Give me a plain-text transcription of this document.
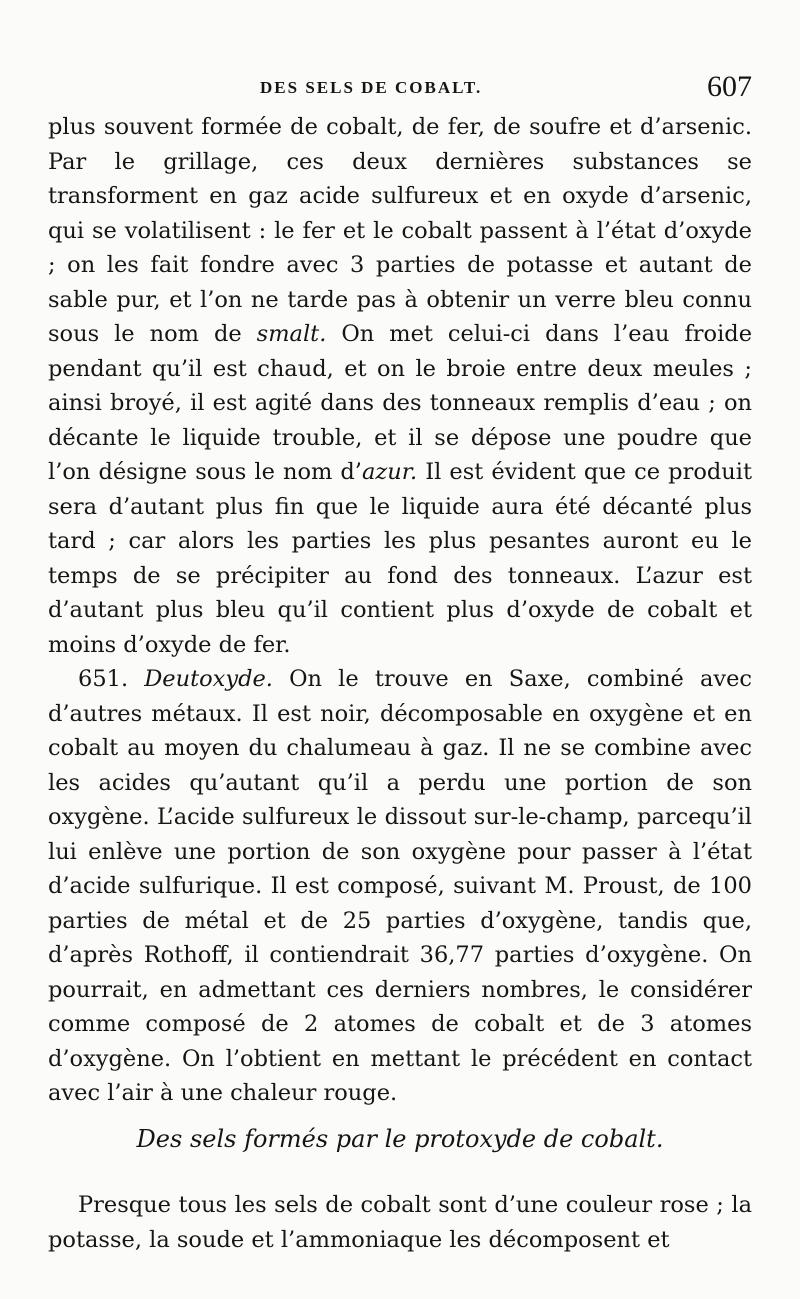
DES SELS DE COBALT.	607

plus souvent formée de cobalt, de fer, de soufre et d’arsenic. Par le grillage, ces deux dernières substances se transforment en gaz acide sulfureux et en oxyde d’arsenic, qui se volatilisent : le fer et le cobalt passent à l’état d’oxyde ; on les fait fondre avec 3 parties de potasse et autant de sable pur, et l’on ne tarde pas à obtenir un verre bleu connu sous le nom de smalt. On met celui-ci dans l’eau froide pendant qu’il est chaud, et on le broie entre deux meules ; ainsi broyé, il est agité dans des tonneaux remplis d’eau ; on décante le liquide trouble, et il se dépose une poudre que l’on désigne sous le nom d’azur. Il est évident que ce produit sera d’autant plus fin que le liquide aura été décanté plus tard ; car alors les parties les plus pesantes auront eu le temps de se précipiter au fond des tonneaux. L’azur est d’autant plus bleu qu’il contient plus d’oxyde de cobalt et moins d’oxyde de fer.

651. Deutoxyde. On le trouve en Saxe, combiné avec d’autres métaux. Il est noir, décomposable en oxygène et en cobalt au moyen du chalumeau à gaz. Il ne se combine avec les acides qu’autant qu’il a perdu une portion de son oxygène. L’acide sulfureux le dissout sur-le-champ, parcequ’il lui enlève une portion de son oxygène pour passer à l’état d’acide sulfurique. Il est composé, suivant M. Proust, de 100 parties de métal et de 25 parties d’oxygène, tandis que, d’après Rothoff, il contiendrait 36,77 parties d’oxygène. On pourrait, en admettant ces derniers nombres, le considérer comme composé de 2 atomes de cobalt et de 3 atomes d’oxygène. On l’obtient en mettant le précédent en contact avec l’air à une chaleur rouge.

Des sels formés par le protoxyde de cobalt.

Presque tous les sels de cobalt sont d’une couleur rose ; la potasse, la soude et l’ammoniaque les décomposent et
